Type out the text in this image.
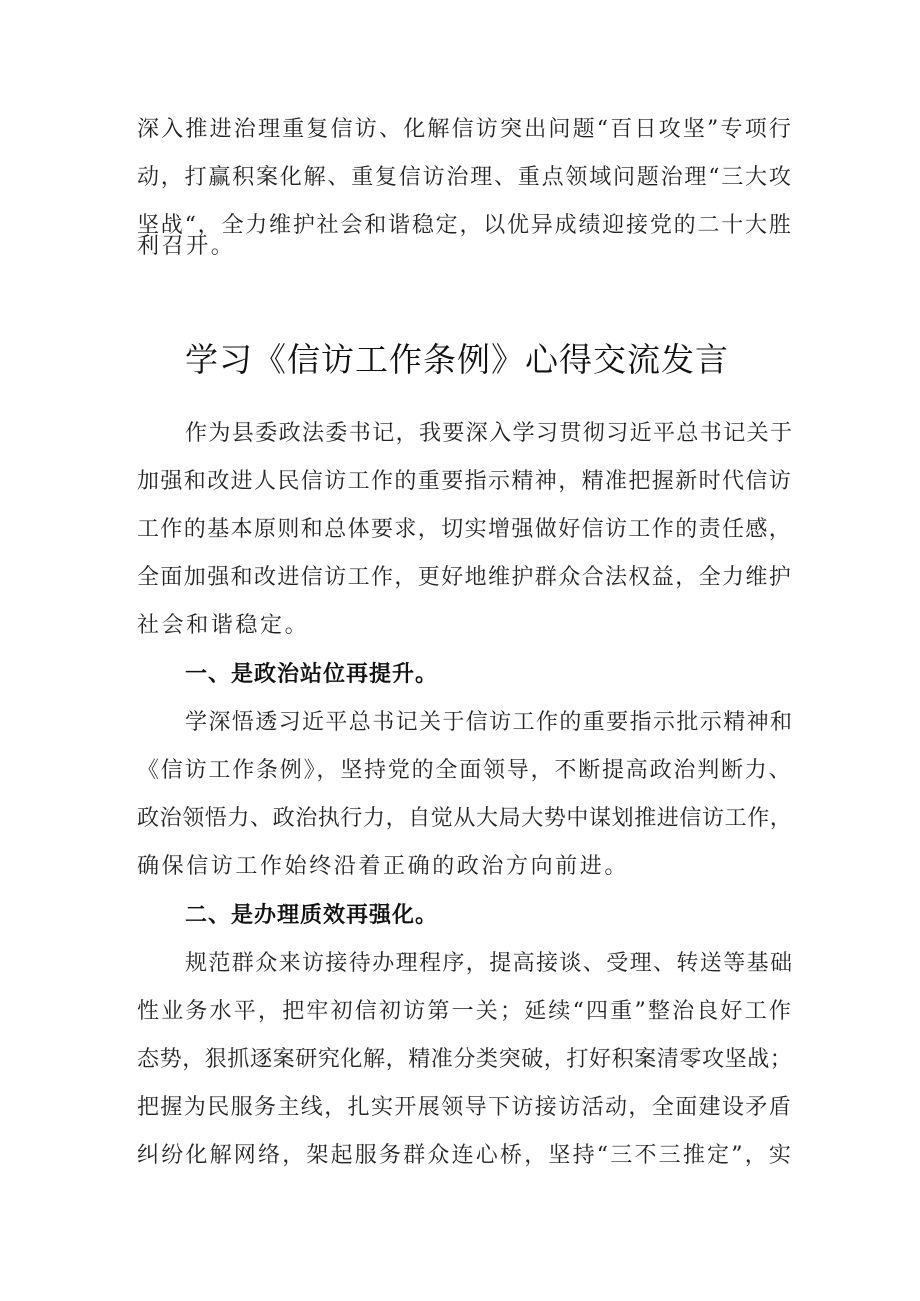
深入推进治理重复信访、化解信访突出问题“百日攻坚”专项行
动，打赢积案化解、重复信访治理、重点领域问题治理“三大攻
坚战“，全力维护社会和谐稳定，以优异成绩迎接党的二十大胜
利召开。
学习《信访工作条例》心得交流发言
作为县委政法委书记，我要深入学习贯彻习近平总书记关于
加强和改进人民信访工作的重要指示精神，精准把握新时代信访
工作的基本原则和总体要求，切实增强做好信访工作的责任感，
全面加强和改进信访工作，更好地维护群众合法权益，全力维护
社会和谐稳定。
一、是政治站位再提升。
学深悟透习近平总书记关于信访工作的重要指示批示精神和
《信访工作条例》，坚持党的全面领导，不断提高政治判断力、
政治领悟力、政治执行力，自觉从大局大势中谋划推进信访工作，
确保信访工作始终沿着正确的政治方向前进。
二、是办理质效再强化。
规范群众来访接待办理程序，提高接谈、受理、转送等基础
性业务水平，把牢初信初访第一关；延续“四重”整治良好工作
态势，狠抓逐案研究化解，精准分类突破，打好积案清零攻坚战；
把握为民服务主线，扎实开展领导下访接访活动，全面建设矛盾
纠纷化解网络，架起服务群众连心桥，坚持“三不三推定”，实
